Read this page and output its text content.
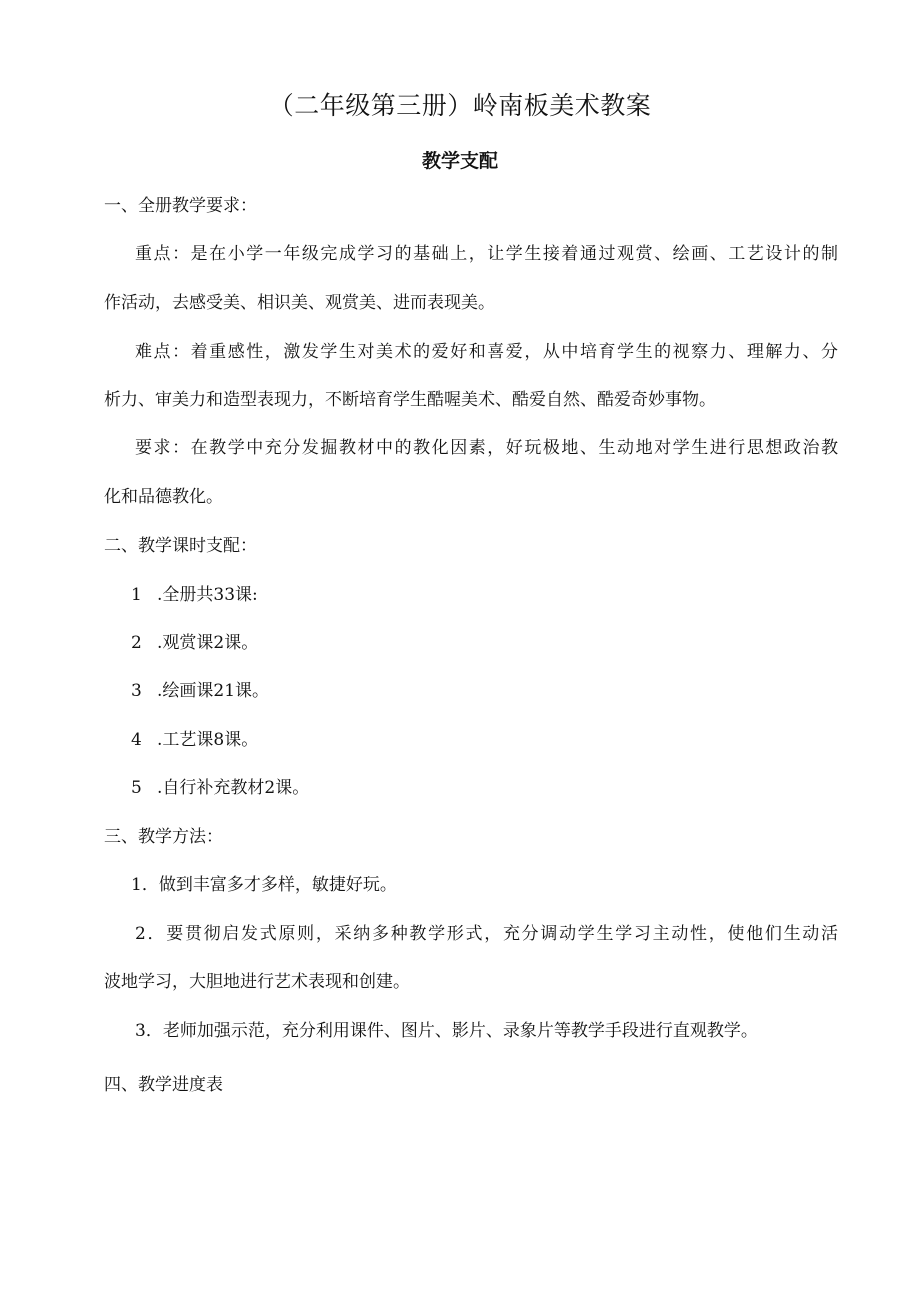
（二年级第三册）岭南板美术教案
教学支配
一、全册教学要求：
重点：是在小学一年级完成学习的基础上，让学生接着通过观赏、绘画、工艺设计的制
作活动，去感受美、相识美、观赏美、进而表现美。
难点：着重感性，激发学生对美术的爱好和喜爱，从中培育学生的视察力、理解力、分
析力、审美力和造型表现力，不断培育学生酷喔美术、酷爱自然、酷爱奇妙事物。
要求：在教学中充分发掘教材中的教化因素，好玩极地、生动地对学生进行思想政治教
化和品德教化。
二、教学课时支配：
1 .全册共33课:
2 .观赏课2课。
3 .绘画课21课。
4 .工艺课8课。
5 .自行补充教材2课。
三、教学方法：
1．做到丰富多才多样，敏捷好玩。
2．要贯彻启发式原则，采纳多种教学形式，充分调动学生学习主动性，使他们生动活
波地学习，大胆地进行艺术表现和创建。
3．老师加强示范，充分利用课件、图片、影片、录象片等教学手段进行直观教学。
四、教学进度表
